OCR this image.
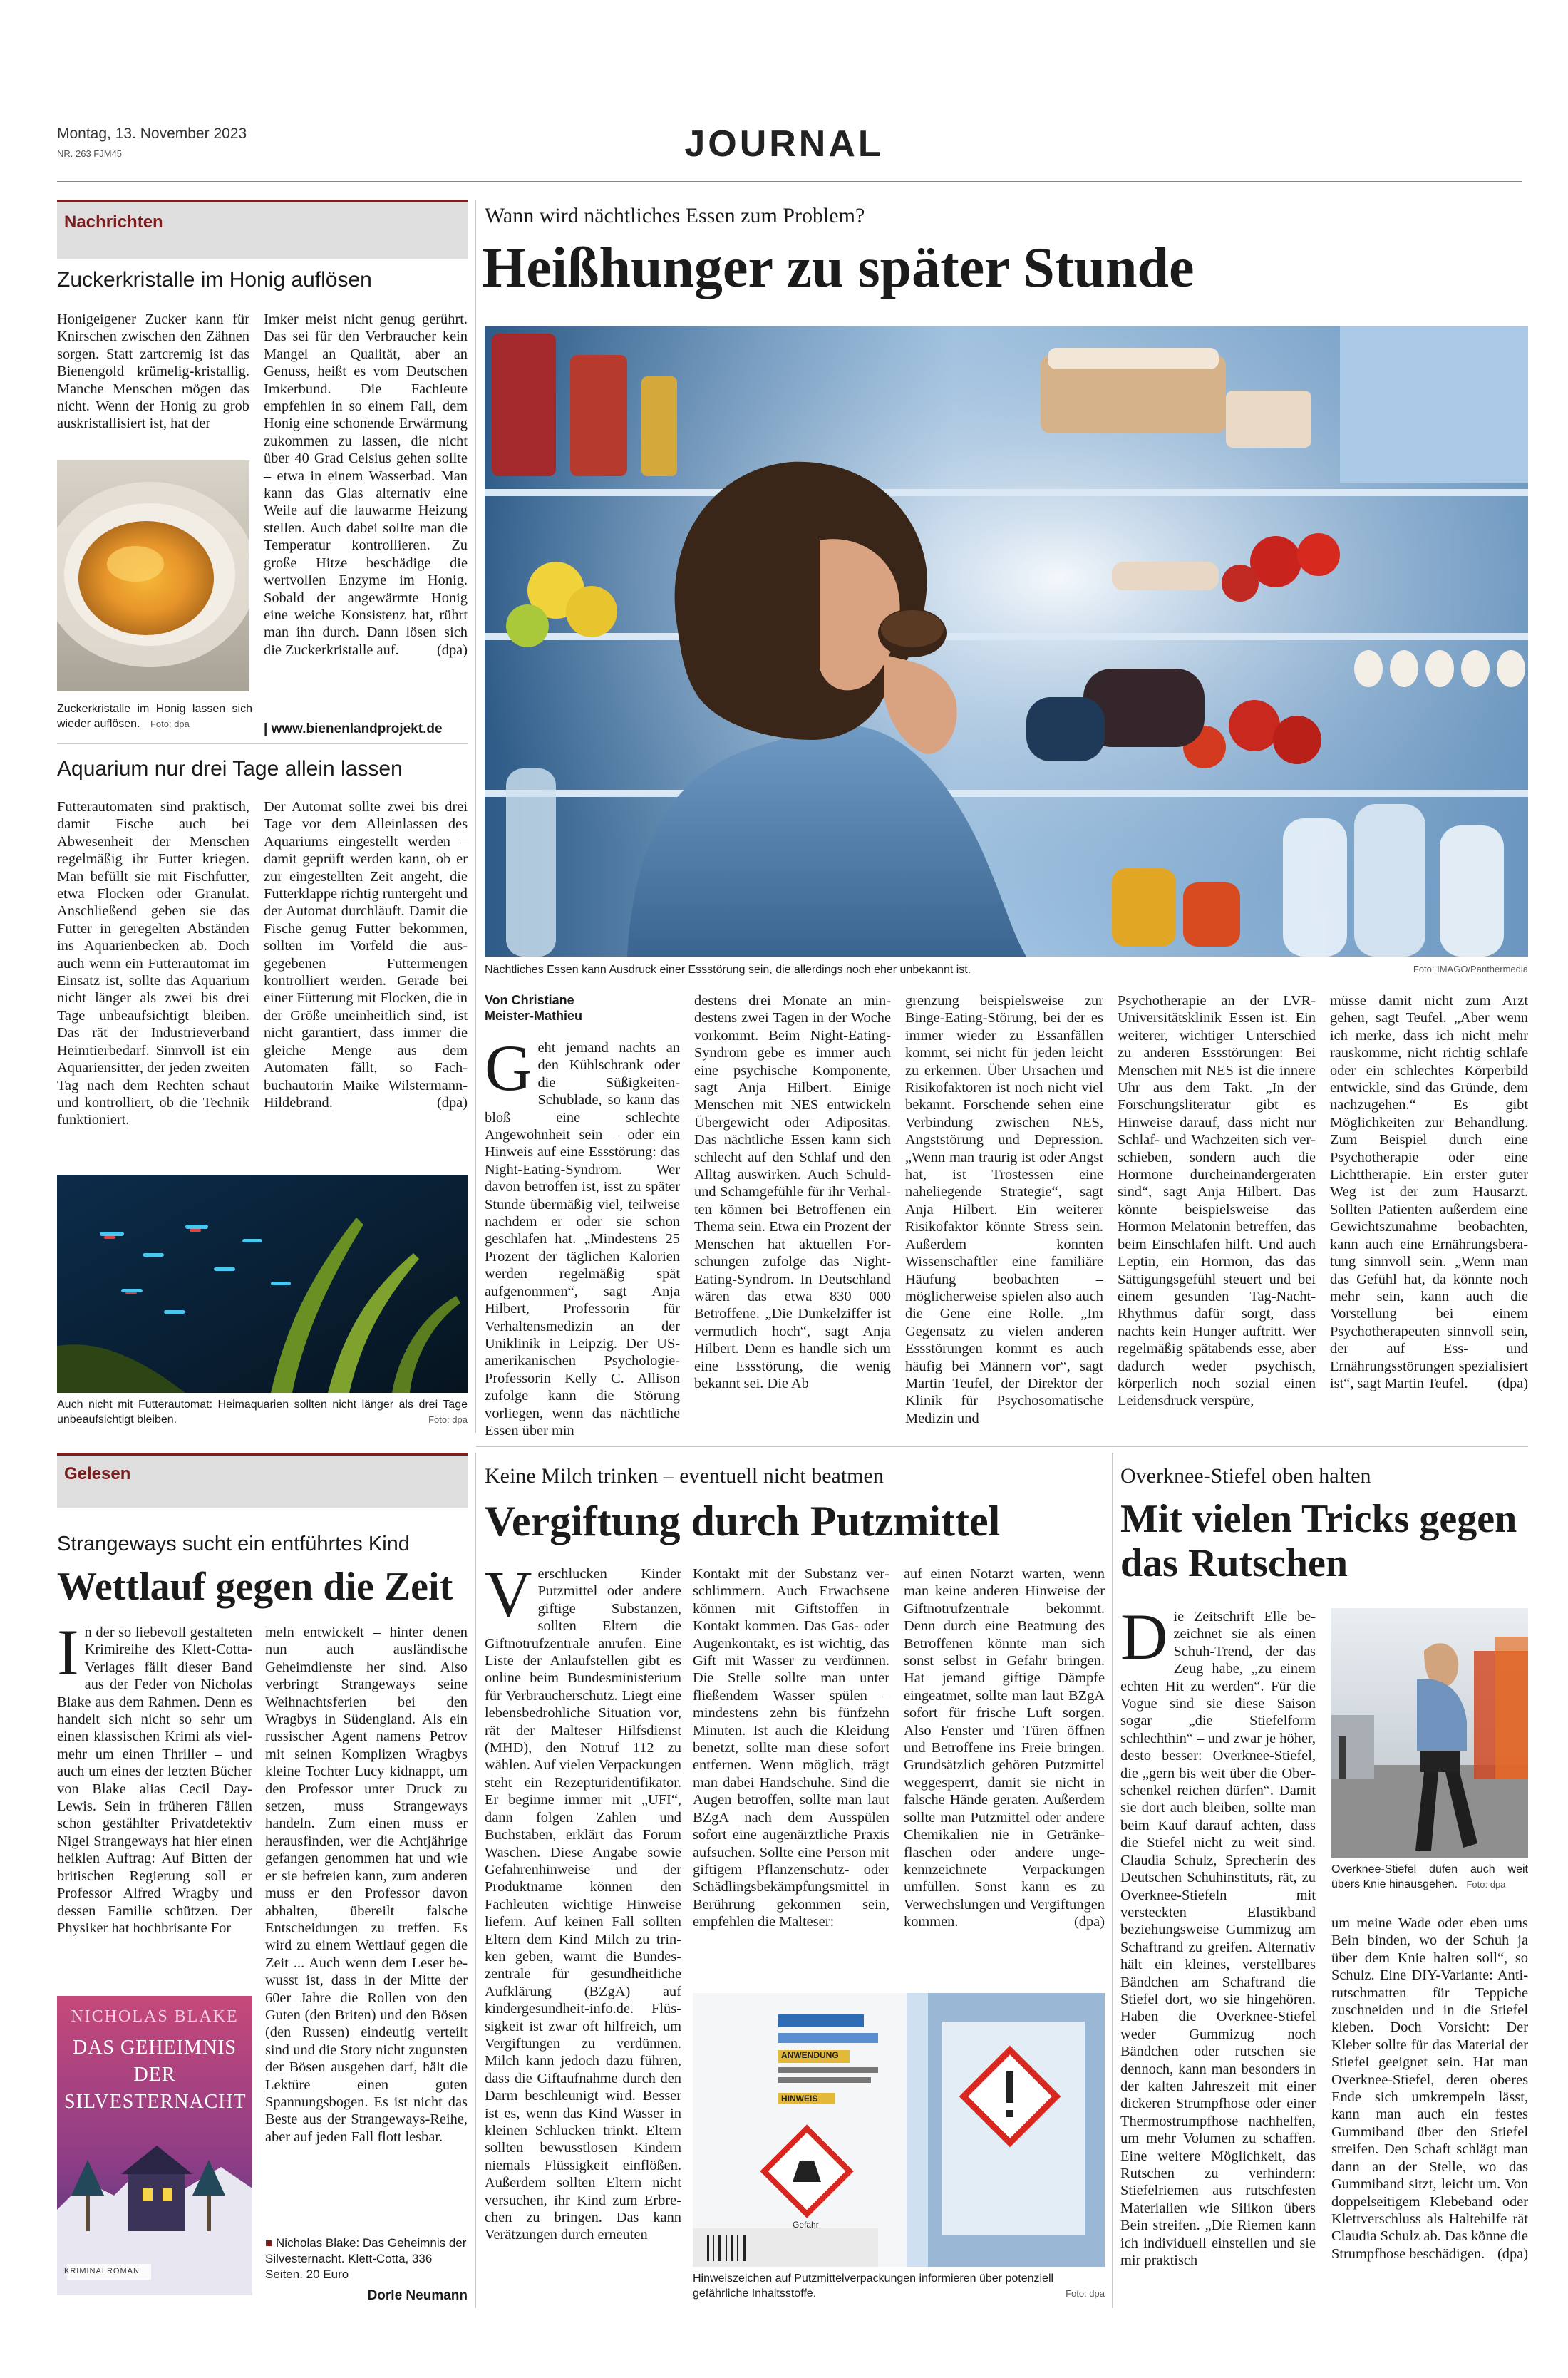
Montag, 13. November 2023
NR. 263 FJM45	JOURNAL
Nachrichten
Zuckerkristalle im Honig auflösen
Honigeigener Zucker kann für Knirschen zwischen den Zähnen sorgen. Statt zartcremig ist das Bienengold krümelig-kristallig. Manche Menschen mögen das nicht. Wenn der Honig zu grob auskristallisiert ist, hat der
Imker meist nicht genug gerührt. Das sei für den Verbraucher kein Mangel an Qualität, aber an Genuss, heißt es vom Deutschen Imkerbund. Die Fachleute empfehlen in so einem Fall, dem Honig eine schonende Erwärmung zukommen zu lassen, die nicht über 40 Grad Celsius gehen sollte – etwa in einem Wasserbad. Man kann das Glas alternativ eine Weile auf die lauwarme Heizung stellen. Auch dabei sollte man die Temperatur kontrollieren. Zu große Hitze beschädige die wertvollen Enzyme im Honig. Sobald der angewärmte Honig eine weiche Konsistenz hat, rührt man ihn durch. Dann lösen sich die Zuckerkristalle auf.	(dpa)
| www.bienenlandprojekt.de
Zuckerkristalle im Honig lassen sich wieder auflösen. Foto: dpa
Aquarium nur drei Tage allein lassen
Futterautomaten sind praktisch, damit Fische auch bei Abwesenheit der Menschen regelmäßig ihr Futter kriegen. Man befüllt sie mit Fischfutter, etwa Flocken oder Granulat. Anschließend geben sie das Futter in geregelten Abständen ins Aquarienbecken ab. Doch auch wenn ein Futterautomat im Einsatz ist, sollte das Aquarium nicht länger als zwei bis drei Tage unbeaufsichtigt bleiben. Das rät der Industrieverband Heimtierbedarf. Sinnvoll ist ein Aquariensitter, der jeden zweiten Tag nach dem Rechten schaut und kontrolliert, ob die Technik funktioniert.
Der Automat sollte zwei bis drei Tage vor dem Alleinlassen des Aquariums eingestellt werden – damit geprüft werden kann, ob er zur eingestellten Zeit angeht, die Futterklappe richtig runtergeht und der Automat durchläuft. Damit die Fische genug Futter bekommen, sollten im Vorfeld die ausgegebenen Futtermengen kontrolliert werden. Gerade bei einer Fütterung mit Flocken, die in der Größe uneinheitlich sind, ist nicht garantiert, dass immer die gleiche Menge aus dem Automaten fällt, so Fachbuchautorin Maike Wilstermann-Hildebrand.	(dpa)
Auch nicht mit Futterautomat: Heimaquarien sollten nicht länger als drei Tage unbeaufsichtigt bleiben.	Foto: dpa
Wann wird nächtliches Essen zum Problem?
Heißhunger zu später Stunde
Nächtliches Essen kann Ausdruck einer Essstörung sein, die allerdings noch eher unbekannt ist.	Foto: IMAGO/Panthermedia
Von Christiane Meister-Mathieu
G eht jemand nachts an den Kühlschrank oder die Süßigkeiten-Schublade, so kann das bloß eine schlechte Angewohnheit sein – oder ein Hinweis auf eine Essstörung: das Night-Eating-Syndrom. Wer davon betroffen ist, isst zu später Stunde übermäßig viel, teilweise nachdem er oder sie schon geschlafen hat. „Mindestens 25 Prozent der täglichen Kalorien werden regelmäßig spät aufgenommen“, sagt Anja Hilbert, Professorin für Verhaltensmedizin an der Uniklinik in Leipzig. Der US-amerikanischen Psychologie-Professorin Kelly C. Allison zufolge kann die Störung vorliegen, wenn das nächtliche Essen über min
destens drei Monate an mindestens zwei Tagen in der Woche vorkommt. Beim Night-Eating-Syndrom gebe es immer auch eine psychische Komponente, sagt Anja Hilbert. Einige Menschen mit NES entwickeln Übergewicht oder Adipositas. Das nächtliche Essen kann sich schlecht auf den Schlaf und den Alltag auswirken. Auch Schuld- und Schamgefühle für ihr Verhalten können bei Betroffenen ein Thema sein. Etwa ein Prozent der Menschen hat aktuellen Forschungen zufolge das Night-Eating-Syndrom. In Deutschland wären das etwa 830 000 Betroffene. „Die Dunkelziffer ist vermutlich hoch“, sagt Anja Hilbert. Denn es handle sich um eine Essstörung, die wenig bekannt sei. Die Ab
grenzung beispielsweise zur Binge-Eating-Störung, bei der es immer wieder zu Essanfällen kommt, sei nicht für jeden leicht zu erkennen. Über Ursachen und Risikofaktoren ist noch nicht viel bekannt. Forschende sehen eine Verbindung zwischen NES, Angststörung und Depression. „Wenn man traurig ist oder Angst hat, ist Trostessen eine naheliegende Strategie“, sagt Anja Hilbert. Ein weiterer Risikofaktor könnte Stress sein. Außerdem konnten Wissenschaftler eine familiäre Häufung beobachten – möglicherweise spielen also auch die Gene eine Rolle. „Im Gegensatz zu vielen anderen Essstörungen kommt es auch häufig bei Männern vor“, sagt Martin Teufel, der Direktor der Klinik für Psychosomatische Medizin und
Psychotherapie an der LVR-Universitätsklinik Essen ist. Ein weiterer, wichtiger Unterschied zu anderen Essstörungen: Bei Menschen mit NES ist die innere Uhr aus dem Takt. „In der Forschungsliteratur gibt es Hinweise darauf, dass nicht nur Schlaf- und Wachzeiten sich verschieben, sondern auch die Hormone durcheinandergeraten sind“, sagt Anja Hilbert. Das könnte beispielsweise das Hormon Melatonin betreffen, das beim Einschlafen hilft. Und auch Leptin, ein Hormon, das das Sättigungsgefühl steuert und bei einem gesunden Tag-Nacht-Rhythmus dafür sorgt, dass nachts kein Hunger auftritt. Wer regelmäßig spätabends esse, aber dadurch weder psychisch, körperlich noch sozial einen Leidensdruck verspüre,
müsse damit nicht zum Arzt gehen, sagt Teufel. „Aber wenn ich merke, dass ich nicht mehr rauskomme, nicht richtig schlafe oder ein schlechtes Körperbild entwickle, sind das Gründe, dem nachzugehen.“ Es gibt Möglichkeiten zur Behandlung. Zum Beispiel durch eine Psychotherapie oder eine Lichttherapie. Ein erster guter Weg ist der zum Hausarzt. Sollten Patienten außerdem eine Gewichtszunahme beobachten, kann auch eine Ernährungsberatung sinnvoll sein. „Wenn man das Gefühl hat, da könnte noch mehr sein, kann auch die Vorstellung bei einem Psychotherapeuten sinnvoll sein, der auf Ess- und Ernährungsstörungen spezialisiert ist“, sagt Martin Teufel. (dpa)
Gelesen
Strangeways sucht ein entführtes Kind
Wettlauf gegen die Zeit
I n der so liebevoll gestalteten Krimireihe des Klett-Cotta-Verlages fällt dieser Band aus der Feder von Nicholas Blake aus dem Rahmen. Denn es handelt sich nicht so sehr um einen klassischen Krimi als vielmehr um einen Thriller – und auch um eines der letzten Bücher von Blake alias Cecil Day-Lewis. Sein in früheren Fällen schon gestählter Privatdetektiv Nigel Strangeways hat hier einen heiklen Auftrag: Auf Bitten der britischen Regierung soll er Professor Alfred Wragby und dessen Familie schützen. Der Physiker hat hochbrisante For
meln entwickelt – hinter denen nun auch ausländische Geheimdienste her sind. Also verbringt Strangeways seine Weihnachtsferien bei den Wragbys in Südengland. Als ein russischer Agent namens Petrov mit seinen Komplizen Wragbys kleine Tochter Lucy kidnappt, um den Professor unter Druck zu setzen, muss Strangeways handeln. Zum einen muss er herausfinden, wer die Achtjährige gefangen genommen hat und wie er sie befreien kann, zum anderen muss er den Professor davon abhalten, übereilt falsche Entscheidungen zu treffen. Es wird zu einem Wettlauf gegen die Zeit ... Auch wenn dem Leser bewusst ist, dass in der Mitte der 60er Jahre die Rollen von den Guten (den Briten) und den Bösen (den Russen) eindeutig verteilt sind und die Story nicht zugunsten der Bösen ausgehen darf, hält die Lektüre einen guten Spannungsbogen. Es ist nicht das Beste aus der Strangeways-Reihe, aber auf jeden Fall flott lesbar.
■ Nicholas Blake: Das Geheimnis der Silvesternacht. Klett-Cotta, 336 Seiten. 20 Euro
Dorle Neumann
NICHOLAS BLAKE
DAS GEHEIMNIS DER SILVESTERNACHT
KRIMINALROMAN
Keine Milch trinken – eventuell nicht beatmen
Vergiftung durch Putzmittel
V erschlucken Kinder Putzmittel oder andere giftige Substanzen, sollten Eltern die Giftnotrufzentrale anrufen. Eine Liste der Anlaufstellen gibt es online beim Bundesministerium für Verbraucherschutz. Liegt eine lebensbedrohliche Situation vor, rät der Malteser Hilfsdienst (MHD), den Notruf 112 zu wählen. Auf vielen Verpackungen steht ein Rezepturidentifikator. Er beginne immer mit „UFI“, dann folgen Zahlen und Buchstaben, erklärt das Forum Waschen. Diese Angabe sowie Gefahrenhinweise und der Produktname können den Fachleuten wichtige Hinweise liefern. Auf keinen Fall sollten Eltern dem Kind Milch zu trinken geben, warnt die Bundeszentrale für gesundheitliche Aufklärung (BZgA) auf kindergesundheit-info.de. Flüssigkeit ist zwar oft hilfreich, um Vergiftungen zu verdünnen. Milch kann jedoch dazu führen, dass die Giftaufnahme durch den Darm beschleunigt wird. Besser ist es, wenn das Kind Wasser in kleinen Schlucken trinkt. Eltern sollten bewusstlosen Kindern niemals Flüssigkeit einflößen. Außerdem sollten Eltern nicht versuchen, ihr Kind zum Erbrechen zu bringen. Das kann Verätzungen durch erneuten
Kontakt mit der Substanz verschlimmern. Auch Erwachsene können mit Giftstoffen in Kontakt kommen. Das Gas- oder Augenkontakt, es ist wichtig, das Gift mit Wasser zu verdünnen. Die Stelle sollte man unter fließendem Wasser spülen – mindestens zehn bis fünfzehn Minuten. Ist auch die Kleidung benetzt, sollte man diese sofort entfernen. Wenn möglich, trägt man dabei Handschuhe. Sind die Augen betroffen, sollte man laut BZgA nach dem Ausspülen sofort eine augenärztliche Praxis aufsuchen. Sollte eine Person mit giftigem Pflanzenschutz- oder Schädlingsbekämpfungsmittel in Berührung gekommen sein, empfehlen die Malteser:
auf einen Notarzt warten, wenn man keine anderen Hinweise der Giftnotrufzentrale bekommt. Denn durch eine Beatmung des Betroffenen könnte man sich sonst selbst in Gefahr bringen. Hat jemand giftige Dämpfe eingeatmet, sollte man laut BZgA sofort für frische Luft sorgen. Also Fenster und Türen öffnen und Betroffene ins Freie bringen. Grundsätzlich gehören Putzmittel weggesperrt, damit sie nicht in falsche Hände geraten. Außerdem sollte man Putzmittel oder andere Chemikalien nie in Getränkeflaschen oder andere ungekennzeichnete Verpackungen umfüllen. Sonst kann es zu Verwechslungen und Vergiftungen kommen.	(dpa)
ANWENDUNG
HINWEIS
Gefahr
Hinweiszeichen auf Putzmittelverpackungen informieren über potenziell gefährliche Inhaltsstoffe.	Foto: dpa
Overknee-Stiefel oben halten
Mit vielen Tricks gegen das Rutschen
D ie Zeitschrift Elle bezeichnet sie als einen Schuh-Trend, der das Zeug habe, „zu einem echten Hit zu werden“. Für die Vogue sind sie diese Saison sogar „die Stiefelform schlechthin“ – und zwar je höher, desto besser: Overknee-Stiefel, die „gern bis weit über die Oberschenkel reichen dürfen“. Damit sie dort auch bleiben, sollte man beim Kauf darauf achten, dass die Stiefel nicht zu weit sind. Claudia Schulz, Sprecherin des Deutschen Schuhinstituts, rät, zu Overknee-Stiefeln mit versteckten Elastikband beziehungsweise Gummizug am Schaftrand zu greifen. Alternativ hält ein kleines, verstellbares Bändchen am Schaftrand die Stiefel dort, wo sie hingehören. Haben die Overknee-Stiefel weder Gummizug noch Bändchen oder rutschen sie dennoch, kann man besonders in der kalten Jahreszeit mit einer dickeren Strumpfhose oder einer Thermostrumpfhose nachhelfen, um mehr Volumen zu schaffen. Eine weitere Möglichkeit, das Rutschen zu verhindern: Stiefelriemen aus rutschfesten Materialien wie Silikon übers Bein streifen. „Die Riemen kann ich individuell einstellen und sie mir praktisch
Overknee-Stiefel düfen auch weit übers Knie hinausgehen. Foto: dpa
um meine Wade oder eben ums Bein binden, wo der Schuh ja über dem Knie halten soll“, so Schulz. Eine DIY-Variante: Antirutschmatten für Teppiche zuschneiden und in die Stiefel kleben. Doch Vorsicht: Der Kleber sollte für das Material der Stiefel geeignet sein. Hat man Overknee-Stiefel, deren oberes Ende sich umkrempeln lässt, kann man auch ein festes Gummiband über den Stiefel streifen. Den Schaft schlägt man dann an der Stelle, wo das Gummiband sitzt, leicht um. Von doppelseitigem Klebeband oder Klettverschluss als Haltehilfe rät Claudia Schulz ab. Das könne die Strumpfhose beschädigen. (dpa)
